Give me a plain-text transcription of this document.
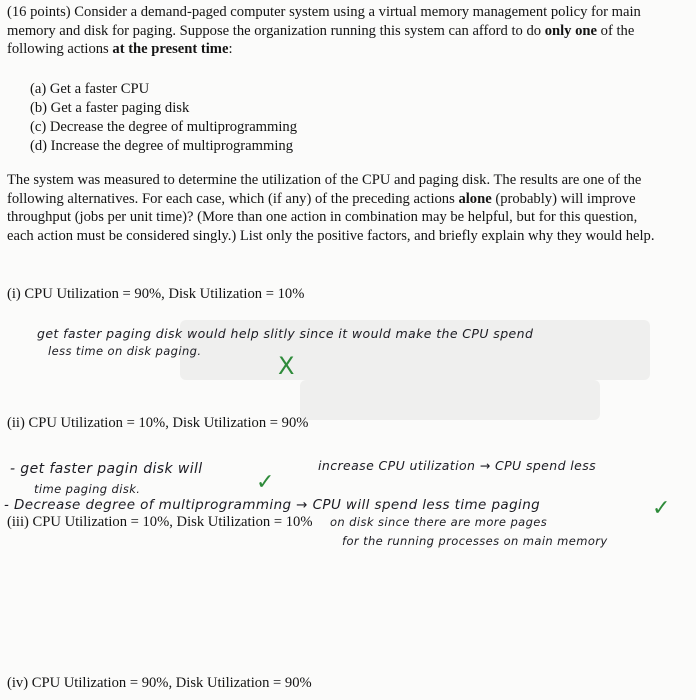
(16 points) Consider a demand-paged computer system using a virtual memory management policy for main memory and disk for paging. Suppose the organization running this system can afford to do only one of the following actions at the present time:
(a) Get a faster CPU
(b) Get a faster paging disk
(c) Decrease the degree of multiprogramming
(d) Increase the degree of multiprogramming
The system was measured to determine the utilization of the CPU and paging disk. The results are one of the following alternatives. For each case, which (if any) of the preceding actions alone (probably) will improve throughput (jobs per unit time)? (More than one action in combination may be helpful, but for this question, each action must be considered singly.) List only the positive factors, and briefly explain why they would help.
(i) CPU Utilization = 90%, Disk Utilization = 10%
get faster paging disk would help slitly since it would make the CPU spend
less time on disk paging.
X
(ii) CPU Utilization = 10%, Disk Utilization = 90%
- get faster pagin disk will	increase CPU utilization → CPU spend less
time paging disk.	✓
- Decrease degree of multiprogramming → CPU will spend less time paging	✓
on disk since there are more pages
for the running processes on main memory
(iii) CPU Utilization = 10%, Disk Utilization = 10%
(iv) CPU Utilization = 90%, Disk Utilization = 90%
